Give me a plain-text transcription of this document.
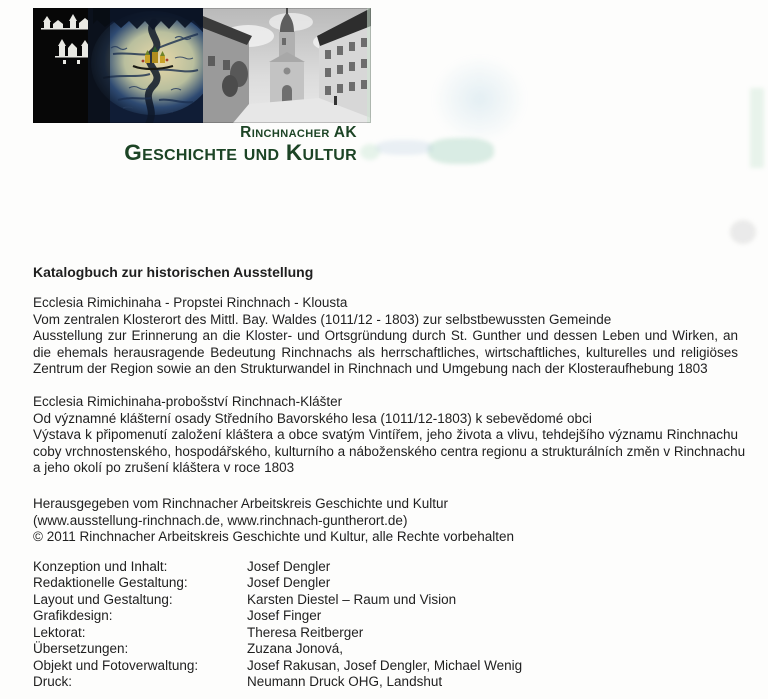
Rinchnacher AK
Geschichte und Kultur
Katalogbuch zur historischen Ausstellung
Ecclesia Rimichinaha - Propstei Rinchnach - Klousta
Vom zentralen Klosterort des Mittl. Bay. Waldes (1011/12 - 1803) zur selbstbewussten Gemeinde
Ausstellung zur Erinnerung an die Kloster- und Ortsgründung durch St. Gunther und dessen Leben und Wirken, an
die ehemals herausragende Bedeutung Rinchnachs als herrschaftliches, wirtschaftliches, kulturelles und religiöses
Zentrum der Region sowie an den Strukturwandel in Rinchnach und Umgebung nach der Klosteraufhebung 1803
Ecclesia Rimichinaha-probošství Rinchnach-Klášter
Od významné klášterní osady Středního Bavorského lesa (1011/12-1803) k sebevědomé obci
Výstava k připomenutí založení kláštera a obce svatým Vintířem, jeho života a vlivu, tehdejšího významu Rinchnachu
coby vrchnostenského, hospodářského, kulturního a náboženského centra regionu a strukturálních změn v Rinchnachu
a jeho okolí po zrušení kláštera v roce 1803
Herausgegeben vom Rinchnacher Arbeitskreis Geschichte und Kultur
(www.ausstellung-rinchnach.de, www.rinchnach-guntherort.de)
© 2011 Rinchnacher Arbeitskreis Geschichte und Kultur, alle Rechte vorbehalten
Konzeption und Inhalt:	Josef Dengler
Redaktionelle Gestaltung:	Josef Dengler
Layout und Gestaltung:	Karsten Diestel – Raum und Vision
Grafikdesign:	Josef Finger
Lektorat:	Theresa Reitberger
Übersetzungen:	Zuzana Jonová,
Objekt und Fotoverwaltung:	Josef Rakusan, Josef Dengler, Michael Wenig
Druck:	Neumann Druck OHG, Landshut
